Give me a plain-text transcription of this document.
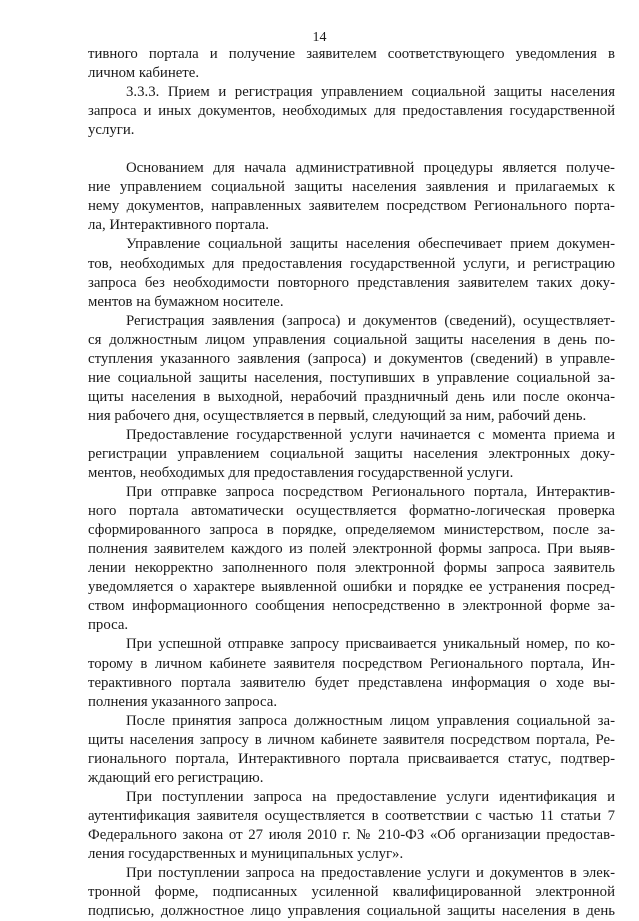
14
тивного портала и получение заявителем соответствующего уведомления в
личном кабинете.
3.3.3. Прием и регистрация управлением социальной защиты населения
запроса и иных документов, необходимых для предоставления государственной
услуги.
Основанием для начала административной процедуры является получе-
ние управлением социальной защиты населения заявления и прилагаемых к
нему документов, направленных заявителем посредством Регионального порта-
ла, Интерактивного портала.
Управление социальной защиты населения обеспечивает прием докумен-
тов, необходимых для предоставления государственной услуги, и регистрацию
запроса без необходимости повторного представления заявителем таких доку-
ментов на бумажном носителе.
Регистрация заявления (запроса) и документов (сведений), осуществляет-
ся должностным лицом управления социальной защиты населения в день по-
ступления указанного заявления (запроса) и документов (сведений) в управле-
ние социальной защиты населения, поступивших в управление социальной за-
щиты населения в выходной, нерабочий праздничный день или после оконча-
ния рабочего дня, осуществляется в первый, следующий за ним, рабочий день.
Предоставление государственной услуги начинается с момента приема и
регистрации управлением социальной защиты населения электронных доку-
ментов, необходимых для предоставления государственной услуги.
При отправке запроса посредством Регионального портала, Интерактив-
ного портала автоматически осуществляется форматно-логическая проверка
сформированного запроса в порядке, определяемом министерством, после за-
полнения заявителем каждого из полей электронной формы запроса. При выяв-
лении некорректно заполненного поля электронной формы запроса заявитель
уведомляется о характере выявленной ошибки и порядке ее устранения посред-
ством информационного сообщения непосредственно в электронной форме за-
проса.
При успешной отправке запросу присваивается уникальный номер, по ко-
торому в личном кабинете заявителя посредством Регионального портала, Ин-
терактивного портала заявителю будет представлена информация о ходе вы-
полнения указанного запроса.
После принятия запроса должностным лицом управления социальной за-
щиты населения запросу в личном кабинете заявителя посредством портала, Ре-
гионального портала, Интерактивного портала присваивается статус, подтвер-
ждающий его регистрацию.
При поступлении запроса на предоставление услуги идентификация и
аутентификация заявителя осуществляется в соответствии с частью 11 статьи 7
Федерального закона от 27 июля 2010 г. № 210-ФЗ «Об организации предостав-
ления государственных и муниципальных услуг».
При поступлении запроса на предоставление услуги и документов в элек-
тронной форме, подписанных усиленной квалифицированной электронной
подписью, должностное лицо управления социальной защиты населения в день
